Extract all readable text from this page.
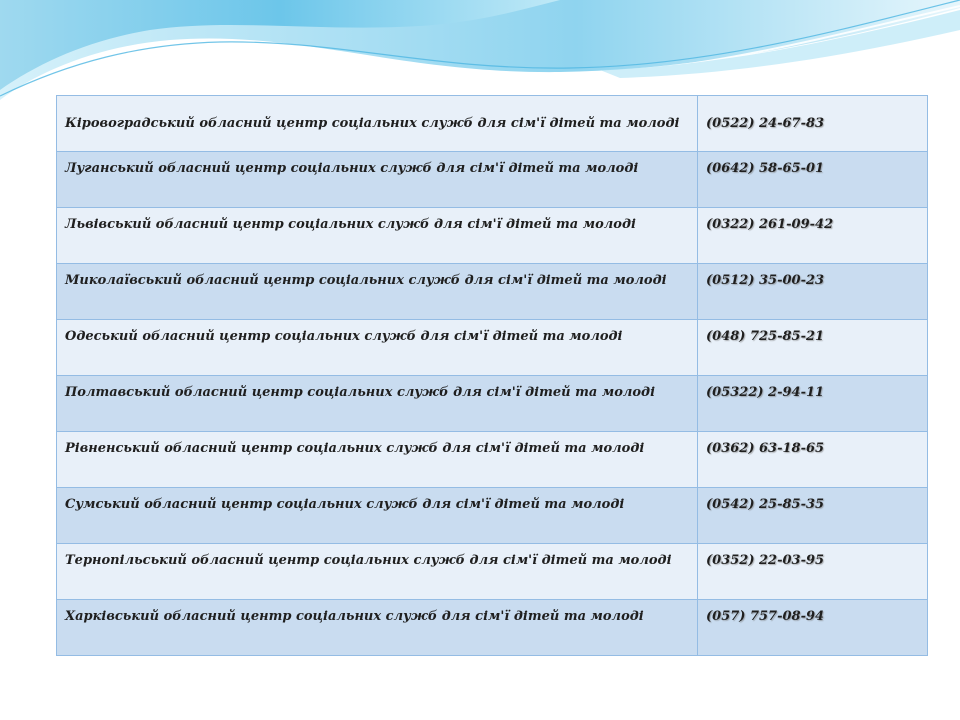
Кіровоградський обласний центр соціальних служб для сім'ї дітей та молоді	(0522) 24-67-83
Луганський обласний центр соціальних служб для сім'ї дітей та молоді	(0642) 58-65-01
Львівський обласний центр соціальних служб для сім'ї дітей та молоді	(0322) 261-09-42
Миколаївський обласний центр соціальних служб для сім'ї дітей та молоді	(0512) 35-00-23
Одеський обласний центр соціальних служб для сім'ї дітей та молоді	(048) 725-85-21
Полтавський обласний центр соціальних служб для сім'ї дітей та молоді	(05322) 2-94-11
Рівненський обласний центр соціальних служб для сім'ї дітей та молоді	(0362) 63-18-65
Сумський обласний центр соціальних служб для сім'ї дітей та молоді	(0542) 25-85-35
Тернопільський обласний центр соціальних служб для сім'ї дітей та молоді	(0352) 22-03-95
Харківський обласний центр соціальних служб для сім'ї дітей та молоді	(057) 757-08-94
